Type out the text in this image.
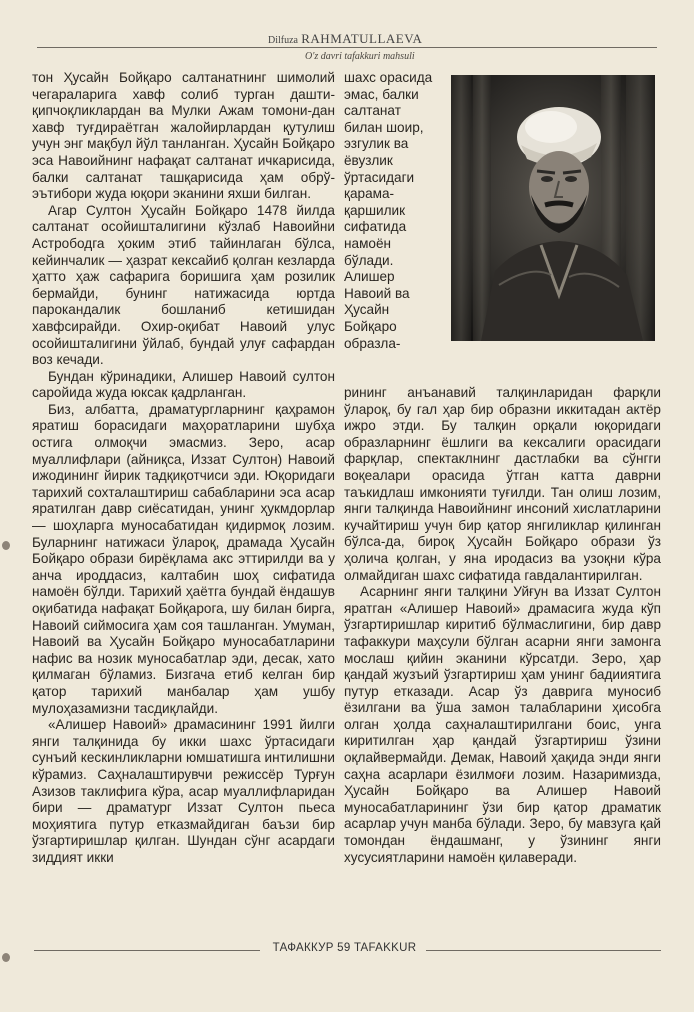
Dilfuza RAHMATULLAEVA
O'z davri tafakkuri mahsuli

тон Ҳусайн Бойқаро салтанатнинг шимолий чегараларига хавф солиб турган дашти-қипчоқликлардан ва Мулки Ажам томони-дан хавф туғдираётган жалойирлардан қутулиш учун энг мақбул йўл танланган. Ҳусайн Бойқаро эса Навоийнинг нафақат салтанат ичкарисида, балки салтанат ташқарисида ҳам обрў-эътибори жуда юқори эканини яхши билган.

Агар Султон Ҳусайн Бойқаро 1478 йилда салтанат осойишталигини кўзлаб Навоийни Астрободга ҳоким этиб тайинлаган бўлса, кейинчалик — ҳазрат кексайиб қолган кезларда ҳатто ҳаж сафарига боришига ҳам розилик бермайди, бунинг натижасида юртда парокандалик бошланиб кетишидан хавфсирайди. Охир-оқибат Навоий улус осойишталигини ўйлаб, бундай улуғ сафардан воз кечади.

Бундан кўринадики, Алишер Навоий султон саройида жуда юксак қадрланган.

Биз, албатта, драматургларнинг қаҳрамон яратиш борасидаги маҳоратларини шубҳа остига олмоқчи эмасмиз. Зеро, асар муаллифлари (айниқса, Иззат Султон) Навоий ижодининг йирик тадқиқотчиси эди. Юқоридаги тарихий сохталаштириш сабабларини эса асар яратилган давр сиёсатидан, унинг ҳукмдорлар — шоҳларга муносабатидан қидирмоқ лозим. Буларнинг натижаси ўлароқ, драмада Ҳусайн Бойқаро образи бирёқлама акс эттирилди ва у анча ироддасиз, калтабин шоҳ сифатида намоён бўлди. Тарихий ҳаётга бундай ёндашув оқибатида нафақат Бойқарога, шу билан бирга, Навоий сиймосига ҳам соя ташланган. Умуман, Навоий ва Ҳусайн Бойқаро муносабатларини нафис ва нозик муносабатлар эди, десак, хато қилмаган бўламиз. Бизгача етиб келган бир қатор тарихий манбалар ҳам ушбу мулоҳазамизни тасдиқлайди.

«Алишер Навоий» драмасининг 1991 йилги янги талқинида бу икки шахс ўртасидаги сунъий кескинликларни юмшатишга интилишни кўрамиз. Саҳналаштирувчи режиссёр Турғун Азизов таклифига кўра, асар муаллифларидан бири — драматург Иззат Султон пьеса моҳиятига путур етказмайдиган баъзи бир ўзгартиришлар қилган. Шундан сўнг асардаги зиддият икки

шахс орасида эмас, балки салтанат билан шоир, эзгулик ва ёвузлик ўртасидаги қарама-қаршилик сифатида намоён бўлади. Алишер Навоий ва Ҳусайн Бойқаро образла-

рининг анъанавий талқинларидан фарқли ўлароқ, бу гал ҳар бир образни иккитадан актёр ижро этди. Бу талқин орқали юқоридаги образларнинг ёшлиги ва кексалиги орасидаги фарқлар, спектаклнинг дастлабки ва сўнгги воқеалари орасида ўтган катта даврни таъкидлаш имконияти туғилди. Тан олиш лозим, янги талқинда Навоийнинг инсоний хислатларини кучайтириш учун бир қатор янгиликлар қилинган бўлса-да, бироқ Ҳусайн Бойқаро образи ўз ҳолича қолган, у яна иродасиз ва узоқни кўра олмайдиган шахс сифатида гавдалантирилган.

Асарнинг янги талқини Уйғун ва Иззат Султон яратган «Алишер Навоий» драмасига жуда кўп ўзгартиришлар киритиб бўлмаслигини, бир давр тафаккури маҳсули бўлган асарни янги замонга мослаш қийин эканини кўрсатди. Зеро, ҳар қандай жузъий ўзгартириш ҳам унинг бадииятига путур етказади. Асар ўз даврига муносиб ёзилгани ва ўша замон талабларини ҳисобга олган ҳолда саҳналаштирилгани боис, унга киритилган ҳар қандай ўзгартириш ўзини оқлайвермайди. Демак, Навоий ҳақида энди янги саҳна асарлари ёзилмоғи лозим. Назаримизда, Ҳусайн Бойқаро ва Алишер Навоий муносабатларининг ўзи бир қатор драматик асарлар учун манба бўлади. Зеро, бу мавзуга қай томондан ёндашманг, у ўзининг янги хусусиятларини намоён қилаверади.

ТАФАККУР 59 TAFAKKUR
